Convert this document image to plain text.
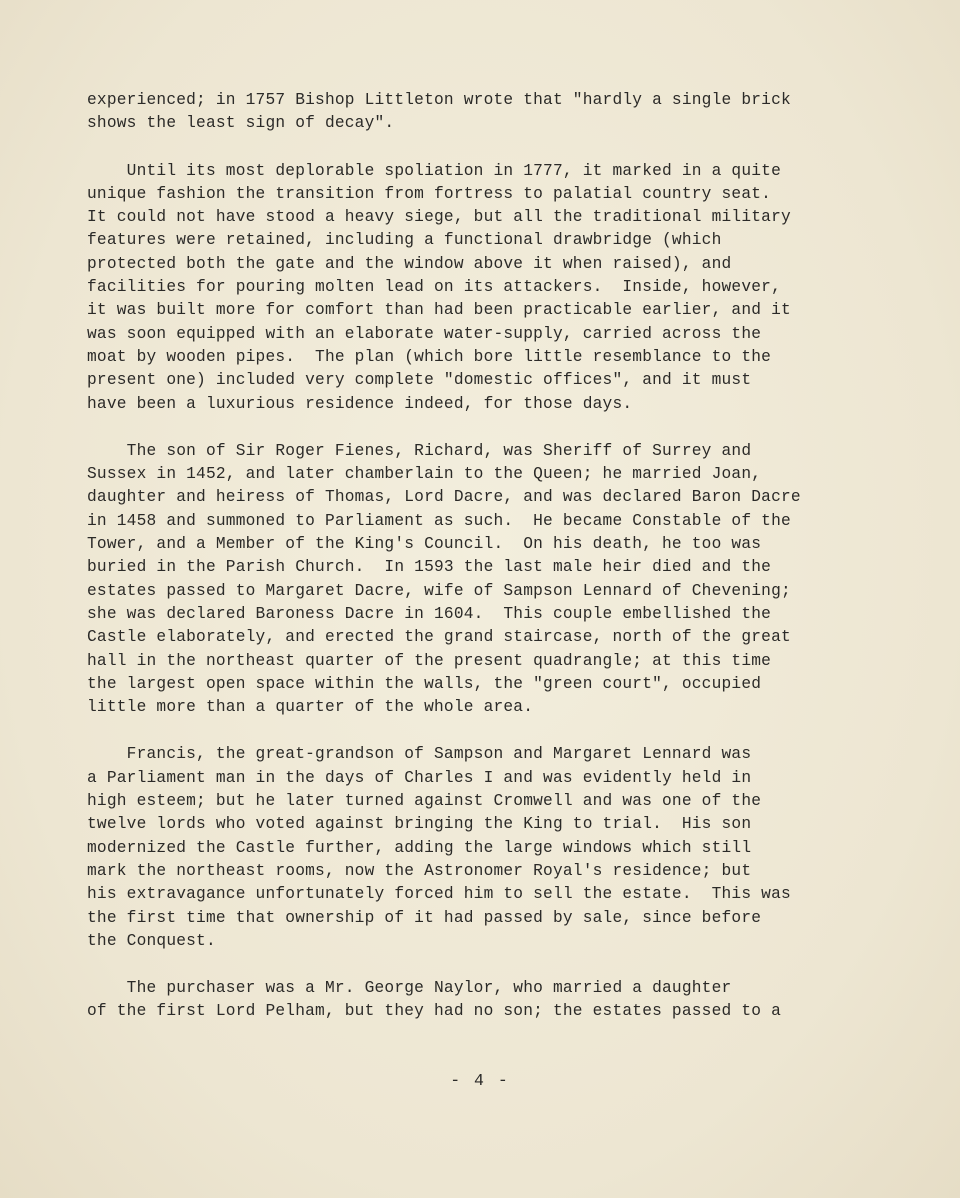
experienced; in 1757 Bishop Littleton wrote that "hardly a single brick
shows the least sign of decay".
Until its most deplorable spoliation in 1777, it marked in a quite
unique fashion the transition from fortress to palatial country seat.
It could not have stood a heavy siege, but all the traditional military
features were retained, including a functional drawbridge (which
protected both the gate and the window above it when raised), and
facilities for pouring molten lead on its attackers.  Inside, however,
it was built more for comfort than had been practicable earlier, and it
was soon equipped with an elaborate water-supply, carried across the
moat by wooden pipes.  The plan (which bore little resemblance to the
present one) included very complete "domestic offices", and it must
have been a luxurious residence indeed, for those days.
The son of Sir Roger Fienes, Richard, was Sheriff of Surrey and
Sussex in 1452, and later chamberlain to the Queen; he married Joan,
daughter and heiress of Thomas, Lord Dacre, and was declared Baron Dacre
in 1458 and summoned to Parliament as such.  He became Constable of the
Tower, and a Member of the King's Council.  On his death, he too was
buried in the Parish Church.  In 1593 the last male heir died and the
estates passed to Margaret Dacre, wife of Sampson Lennard of Chevening;
she was declared Baroness Dacre in 1604.  This couple embellished the
Castle elaborately, and erected the grand staircase, north of the great
hall in the northeast quarter of the present quadrangle; at this time
the largest open space within the walls, the "green court", occupied
little more than a quarter of the whole area.
Francis, the great-grandson of Sampson and Margaret Lennard was
a Parliament man in the days of Charles I and was evidently held in
high esteem; but he later turned against Cromwell and was one of the
twelve lords who voted against bringing the King to trial.  His son
modernized the Castle further, adding the large windows which still
mark the northeast rooms, now the Astronomer Royal's residence; but
his extravagance unfortunately forced him to sell the estate.  This was
the first time that ownership of it had passed by sale, since before
the Conquest.
The purchaser was a Mr. George Naylor, who married a daughter
of the first Lord Pelham, but they had no son; the estates passed to a
- 4 -
